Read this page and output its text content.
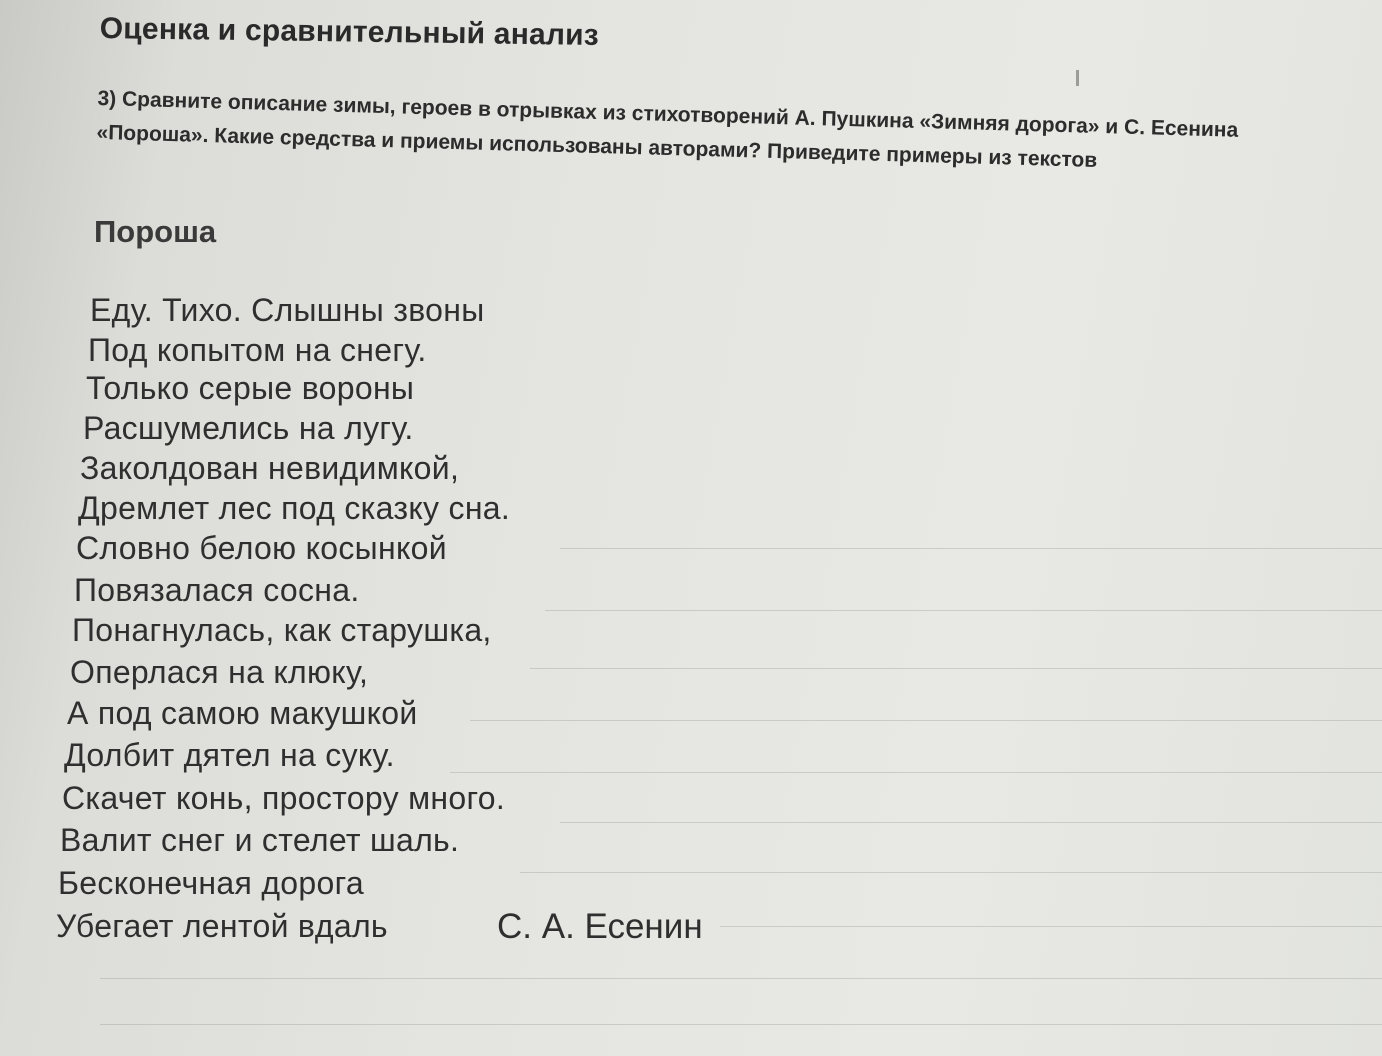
Оценка и сравнительный анализ

3) Сравните описание зимы, героев в отрывках из стихотворений А. Пушкина «Зимняя дорога» и С. Есенина «Пороша». Какие средства и приемы использованы авторами? Приведите примеры из текстов

Пороша
Еду. Тихо. Слышны звоны
Под копытом на снегу.
Только серые вороны
Расшумелись на лугу.
Заколдован невидимкой,
Дремлет лес под сказку сна.
Словно белою косынкой
Повязалася сосна.
Понагнулась, как старушка,
Оперлася на клюку,
А под самою макушкой
Долбит дятел на суку.
Скачет конь, простору много.
Валит снег и стелет шаль.
Бесконечная дорога
Убегает лентой вдаль	С. А. Есенин
